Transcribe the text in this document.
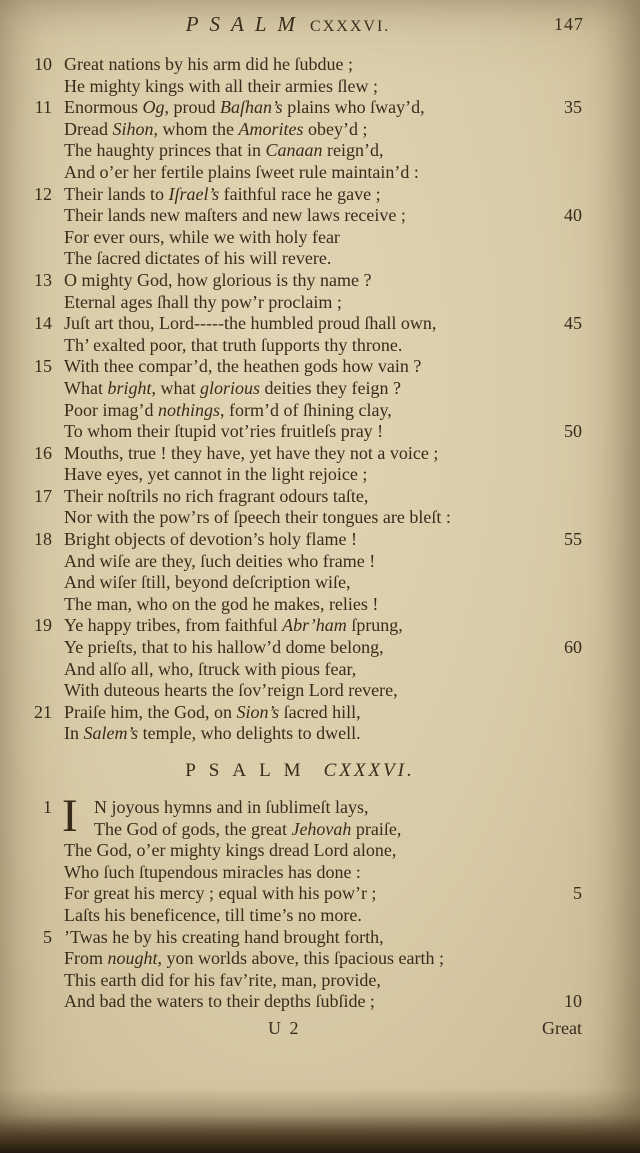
PSALM CXXXVI.	147
10 Great nations by his arm did he ſubdue ;
He mighty kings with all their armies ſlew ;
11 Enormous Og, proud Baſhan’s plains who ſway’d,	35
Dread Sihon, whom the Amorites obey’d ;
The haughty princes that in Canaan reign’d,
And o’er her fertile plains ſweet rule maintain’d :
12 Their lands to Iſrael’s faithful race he gave ;
Their lands new maſters and new laws receive ;	40
For ever ours, while we with holy fear
The ſacred dictates of his will revere.
13 O mighty God, how glorious is thy name ?
Eternal ages ſhall thy pow’r proclaim ;
14 Juſt art thou, Lord-----the humbled proud ſhall own,	45
Th’ exalted poor, that truth ſupports thy throne.
15 With thee compar’d, the heathen gods how vain ?
What bright, what glorious deities they feign ?
Poor imag’d nothings, form’d of ſhining clay,
To whom their ſtupid vot’ries fruitleſs pray !	50
16 Mouths, true ! they have, yet have they not a voice ;
Have eyes, yet cannot in the light rejoice ;
17 Their noſtrils no rich fragrant odours taſte,
Nor with the pow’rs of ſpeech their tongues are bleſt :
18 Bright objects of devotion’s holy flame !	55
And wiſe are they, ſuch deities who frame !
And wiſer ſtill, beyond deſcription wiſe,
The man, who on the god he makes, relies !
19 Ye happy tribes, from faithful Abr’ham ſprung,
Ye prieſts, that to his hallow’d dome belong,	60
And alſo all, who, ſtruck with pious fear,
With duteous hearts the ſov’reign Lord revere,
21 Praiſe him, the God, on Sion’s ſacred hill,
In Salem’s temple, who delights to dwell.
PSALM CXXXVI.
I
1	N joyous hymns and in ſublimeſt lays,
The God of gods, the great Jehovah praiſe,
The God, o’er mighty kings dread Lord alone,
Who ſuch ſtupendous miracles has done :
For great his mercy ; equal with his pow’r ;	5
Laſts his beneficence, till time’s no more.
5 ’Twas he by his creating hand brought forth,
From nought, yon worlds above, this ſpacious earth ;
This earth did for his fav’rite, man, provide,
And bad the waters to their depths ſubſide ;	10
U 2	Great
